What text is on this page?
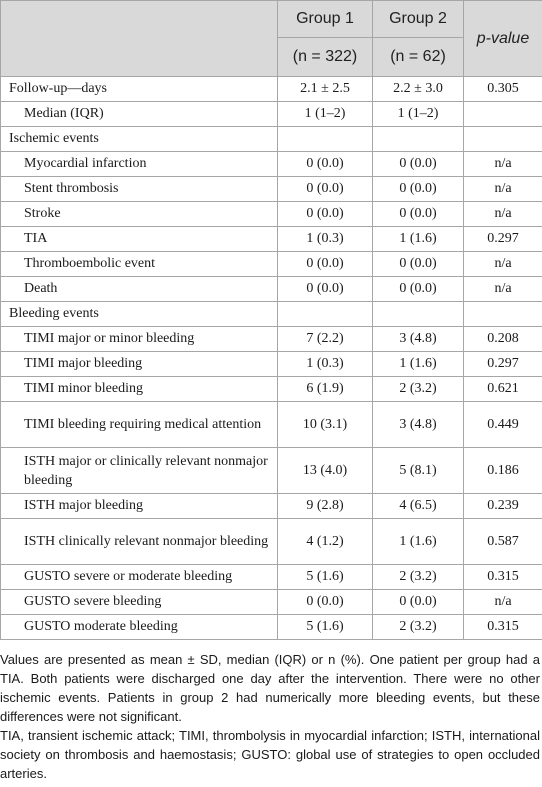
	Group 1	Group 2	p-value
	(n = 322)	(n = 62)	
Follow-up—days	2.1 ± 2.5	2.2 ± 3.0	0.305
Median (IQR)	1 (1–2)	1 (1–2)	
Ischemic events			
Myocardial infarction	0 (0.0)	0 (0.0)	n/a
Stent thrombosis	0 (0.0)	0 (0.0)	n/a
Stroke	0 (0.0)	0 (0.0)	n/a
TIA	1 (0.3)	1 (1.6)	0.297
Thromboembolic event	0 (0.0)	0 (0.0)	n/a
Death	0 (0.0)	0 (0.0)	n/a
Bleeding events			
TIMI major or minor bleeding	7 (2.2)	3 (4.8)	0.208
TIMI major bleeding	1 (0.3)	1 (1.6)	0.297
TIMI minor bleeding	6 (1.9)	2 (3.2)	0.621
TIMI bleeding requiring medical attention	10 (3.1)	3 (4.8)	0.449
ISTH major or clinically relevant nonmajor bleeding	13 (4.0)	5 (8.1)	0.186
ISTH major bleeding	9 (2.8)	4 (6.5)	0.239
ISTH clinically relevant nonmajor bleeding	4 (1.2)	1 (1.6)	0.587
GUSTO severe or moderate bleeding	5 (1.6)	2 (3.2)	0.315
GUSTO severe bleeding	0 (0.0)	0 (0.0)	n/a
GUSTO moderate bleeding	5 (1.6)	2 (3.2)	0.315

Values are presented as mean ± SD, median (IQR) or n (%). One patient per group had a TIA. Both patients were discharged one day after the intervention. There were no other ischemic events. Patients in group 2 had numerically more bleeding events, but these differences were not significant.

TIA, transient ischemic attack; TIMI, thrombolysis in myocardial infarction; ISTH, international society on thrombosis and haemostasis; GUSTO: global use of strategies to open occluded arteries.
